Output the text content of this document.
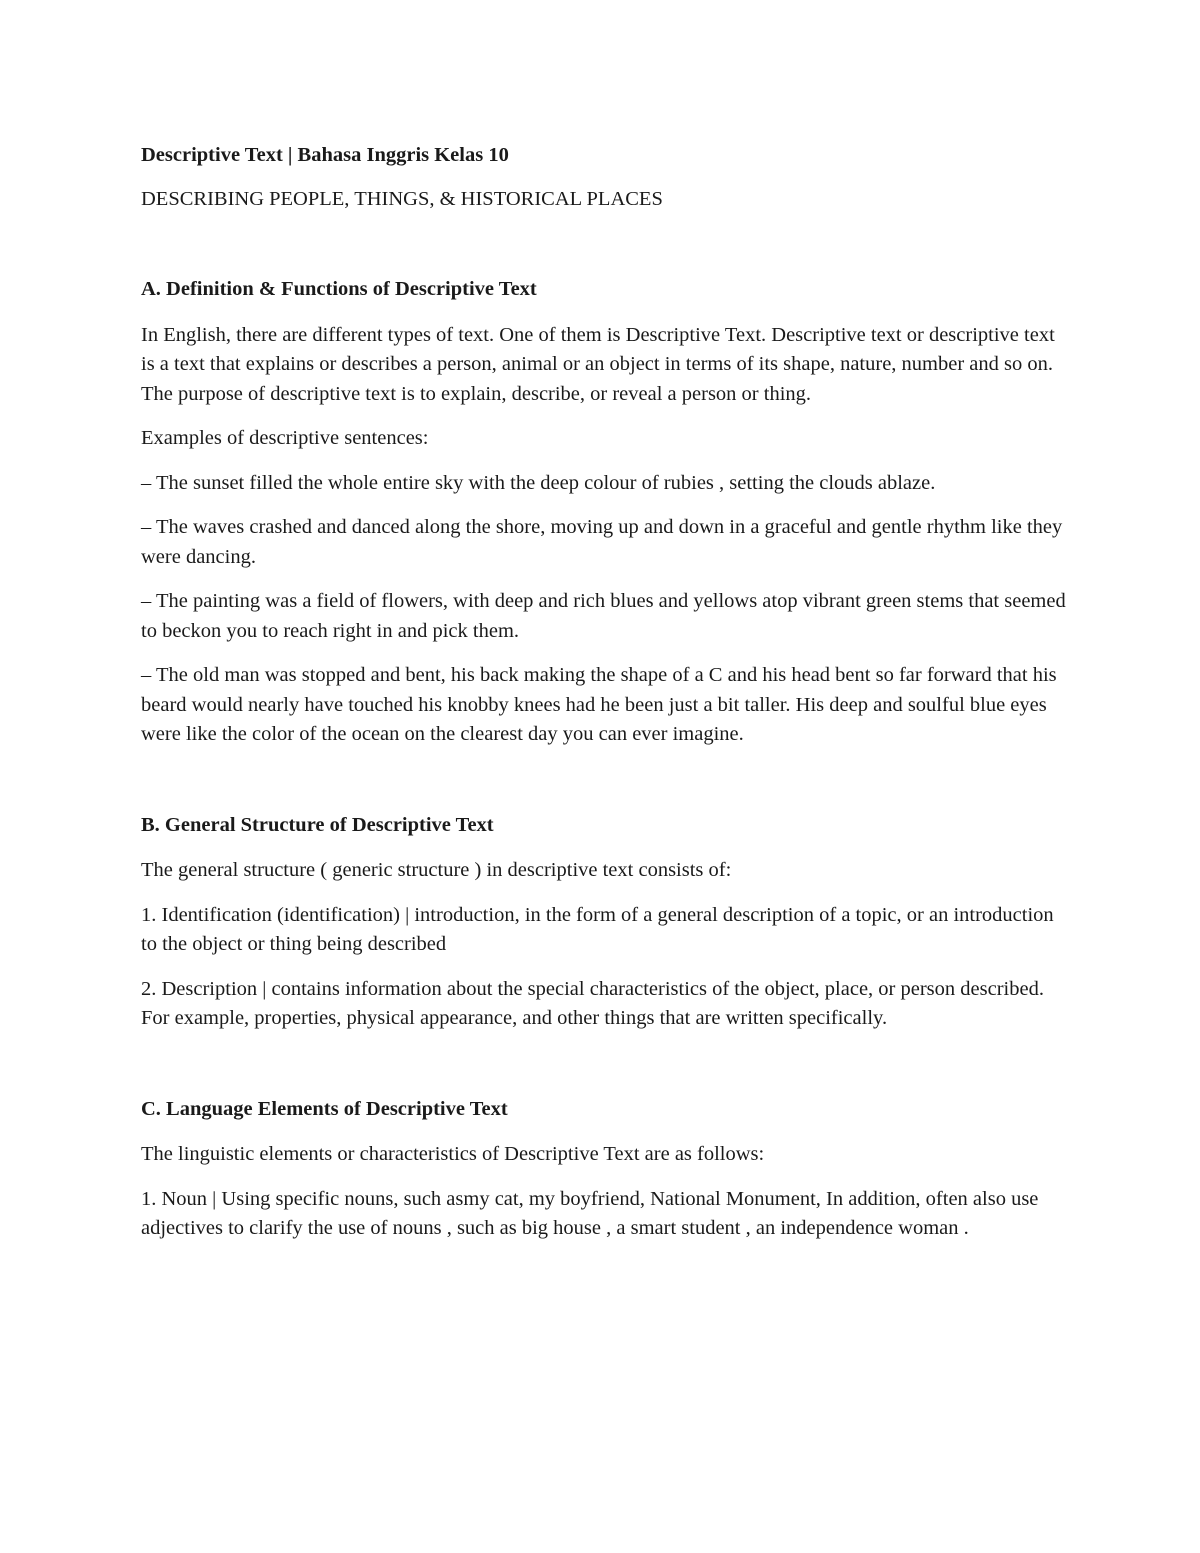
Descriptive Text | Bahasa Inggris Kelas 10

DESCRIBING PEOPLE, THINGS, & HISTORICAL PLACES

A. Definition & Functions of Descriptive Text

In English, there are different types of text. One of them is Descriptive Text. Descriptive text or descriptive text is a text that explains or describes a person, animal or an object in terms of its shape, nature, number and so on. The purpose of descriptive text is to explain, describe, or reveal a person or thing.

Examples of descriptive sentences:

– The sunset filled the whole entire sky with the deep colour of rubies , setting the clouds ablaze.

– The waves crashed and danced along the shore, moving up and down in a graceful and gentle rhythm like they were dancing.

– The painting was a field of flowers, with deep and rich blues and yellows atop vibrant green stems that seemed to beckon you to reach right in and pick them.

– The old man was stopped and bent, his back making the shape of a C and his head bent so far forward that his beard would nearly have touched his knobby knees had he been just a bit taller. His deep and soulful blue eyes were like the color of the ocean on the clearest day you can ever imagine.

B. General Structure of Descriptive Text

The general structure ( generic structure ) in descriptive text consists of:

1. Identification (identification) | introduction, in the form of a general description of a topic, or an introduction to the object or thing being described

2. Description | contains information about the special characteristics of the object, place, or person described. For example, properties, physical appearance, and other things that are written specifically.

C. Language Elements of Descriptive Text

The linguistic elements or characteristics of Descriptive Text are as follows:

1. Noun | Using specific nouns, such asmy cat, my boyfriend, National Monument, In addition, often also use adjectives to clarify the use of nouns , such as big house , a smart student , an independence woman .
